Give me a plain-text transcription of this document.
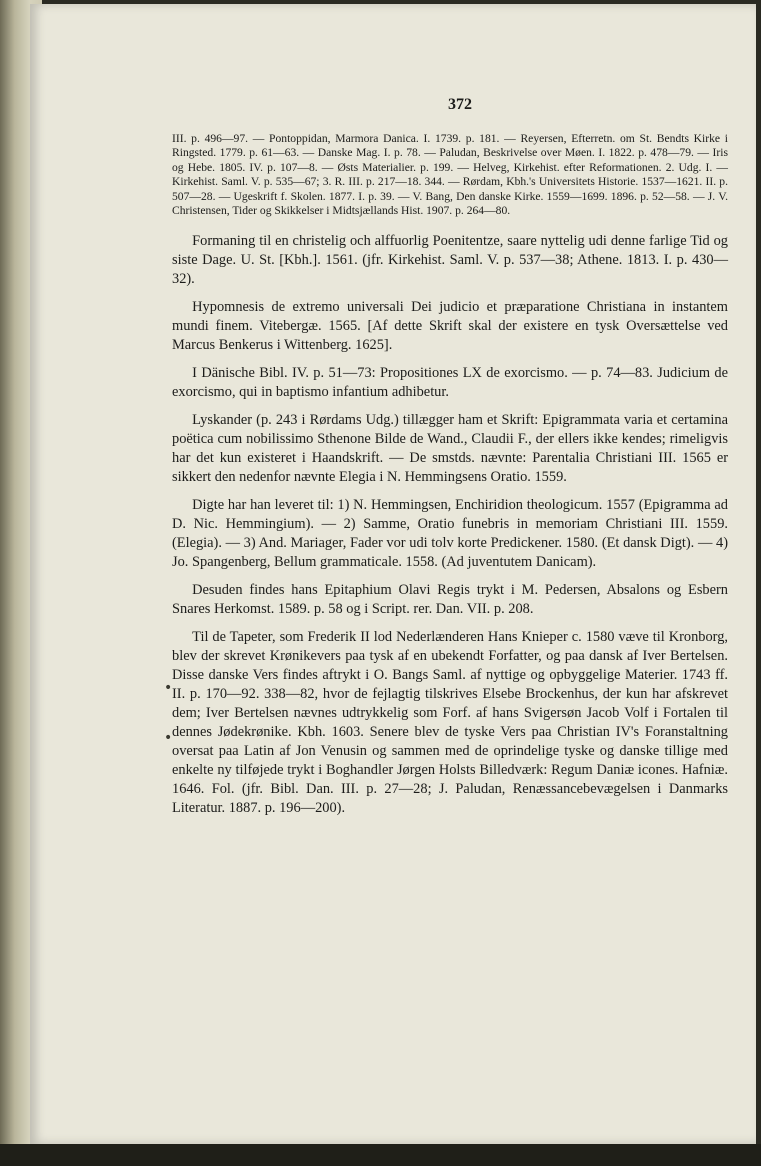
•
•
372

III. p. 496—97. — Pontoppidan, Marmora Danica. I. 1739. p. 181. — Reyersen, Efterretn. om St. Bendts Kirke i Ringsted. 1779. p. 61—63. — Danske Mag. I. p. 78. — Paludan, Beskrivelse over Møen. I. 1822. p. 478—79. — Iris og Hebe. 1805. IV. p. 107—8. — Østs Materialier. p. 199. — Helveg, Kirkehist. efter Reformationen. 2. Udg. I. — Kirkehist. Saml. V. p. 535—67; 3. R. III. p. 217—18. 344. — Rørdam, Kbh.'s Universitets Historie. 1537—1621. II. p. 507—28. — Ugeskrift f. Skolen. 1877. I. p. 39. — V. Bang, Den danske Kirke. 1559—1699. 1896. p. 52—58. — J. V. Christensen, Tider og Skikkelser i Midtsjællands Hist. 1907. p. 264—80.

Formaning til en christelig och alffuorlig Poenitentze, saare nyttelig udi denne farlige Tid og siste Dage. U. St. [Kbh.]. 1561. (jfr. Kirkehist. Saml. V. p. 537—38; Athene. 1813. I. p. 430—32).

Hypomnesis de extremo universali Dei judicio et præparatione Christiana in instantem mundi finem. Vitebergæ. 1565. [Af dette Skrift skal der existere en tysk Oversættelse ved Marcus Benkerus i Wittenberg. 1625].

I Dänische Bibl. IV. p. 51—73: Propositiones LX de exorcismo. — p. 74—83. Judicium de exorcismo, qui in baptismo infantium adhibetur.

Lyskander (p. 243 i Rørdams Udg.) tillægger ham et Skrift: Epigrammata varia et certamina poëtica cum nobilissimo Sthenone Bilde de Wand., Claudii F., der ellers ikke kendes; rimeligvis har det kun existeret i Haandskrift. — De smstds. nævnte: Parentalia Christiani III. 1565 er sikkert den nedenfor nævnte Elegia i N. Hemmingsens Oratio. 1559.

Digte har han leveret til: 1) N. Hemmingsen, Enchiridion theologicum. 1557 (Epigramma ad D. Nic. Hemmingium). — 2) Samme, Oratio funebris in memoriam Christiani III. 1559. (Elegia). — 3) And. Mariager, Fader vor udi tolv korte Predickener. 1580. (Et dansk Digt). — 4) Jo. Spangenberg, Bellum grammaticale. 1558. (Ad juventutem Danicam).

Desuden findes hans Epitaphium Olavi Regis trykt i M. Pedersen, Absalons og Esbern Snares Herkomst. 1589. p. 58 og i Script. rer. Dan. VII. p. 208.

Til de Tapeter, som Frederik II lod Nederlænderen Hans Knieper c. 1580 væve til Kronborg, blev der skrevet Krønikevers paa tysk af en ubekendt Forfatter, og paa dansk af Iver Bertelsen. Disse danske Vers findes aftrykt i O. Bangs Saml. af nyttige og opbyggelige Materier. 1743 ff. II. p. 170—92. 338—82, hvor de fejlagtig tilskrives Elsebe Brockenhus, der kun har afskrevet dem; Iver Bertelsen nævnes udtrykkelig som Forf. af hans Svigersøn Jacob Volf i Fortalen til dennes Jødekrønike. Kbh. 1603. Senere blev de tyske Vers paa Christian IV's Foranstaltning oversat paa Latin af Jon Venusin og sammen med de oprindelige tyske og danske tillige med enkelte ny tilføjede trykt i Boghandler Jørgen Holsts Billedværk: Regum Daniæ icones. Hafniæ. 1646. Fol. (jfr. Bibl. Dan. III. p. 27—28; J. Paludan, Renæssancebevægelsen i Danmarks Literatur. 1887. p. 196—200).
